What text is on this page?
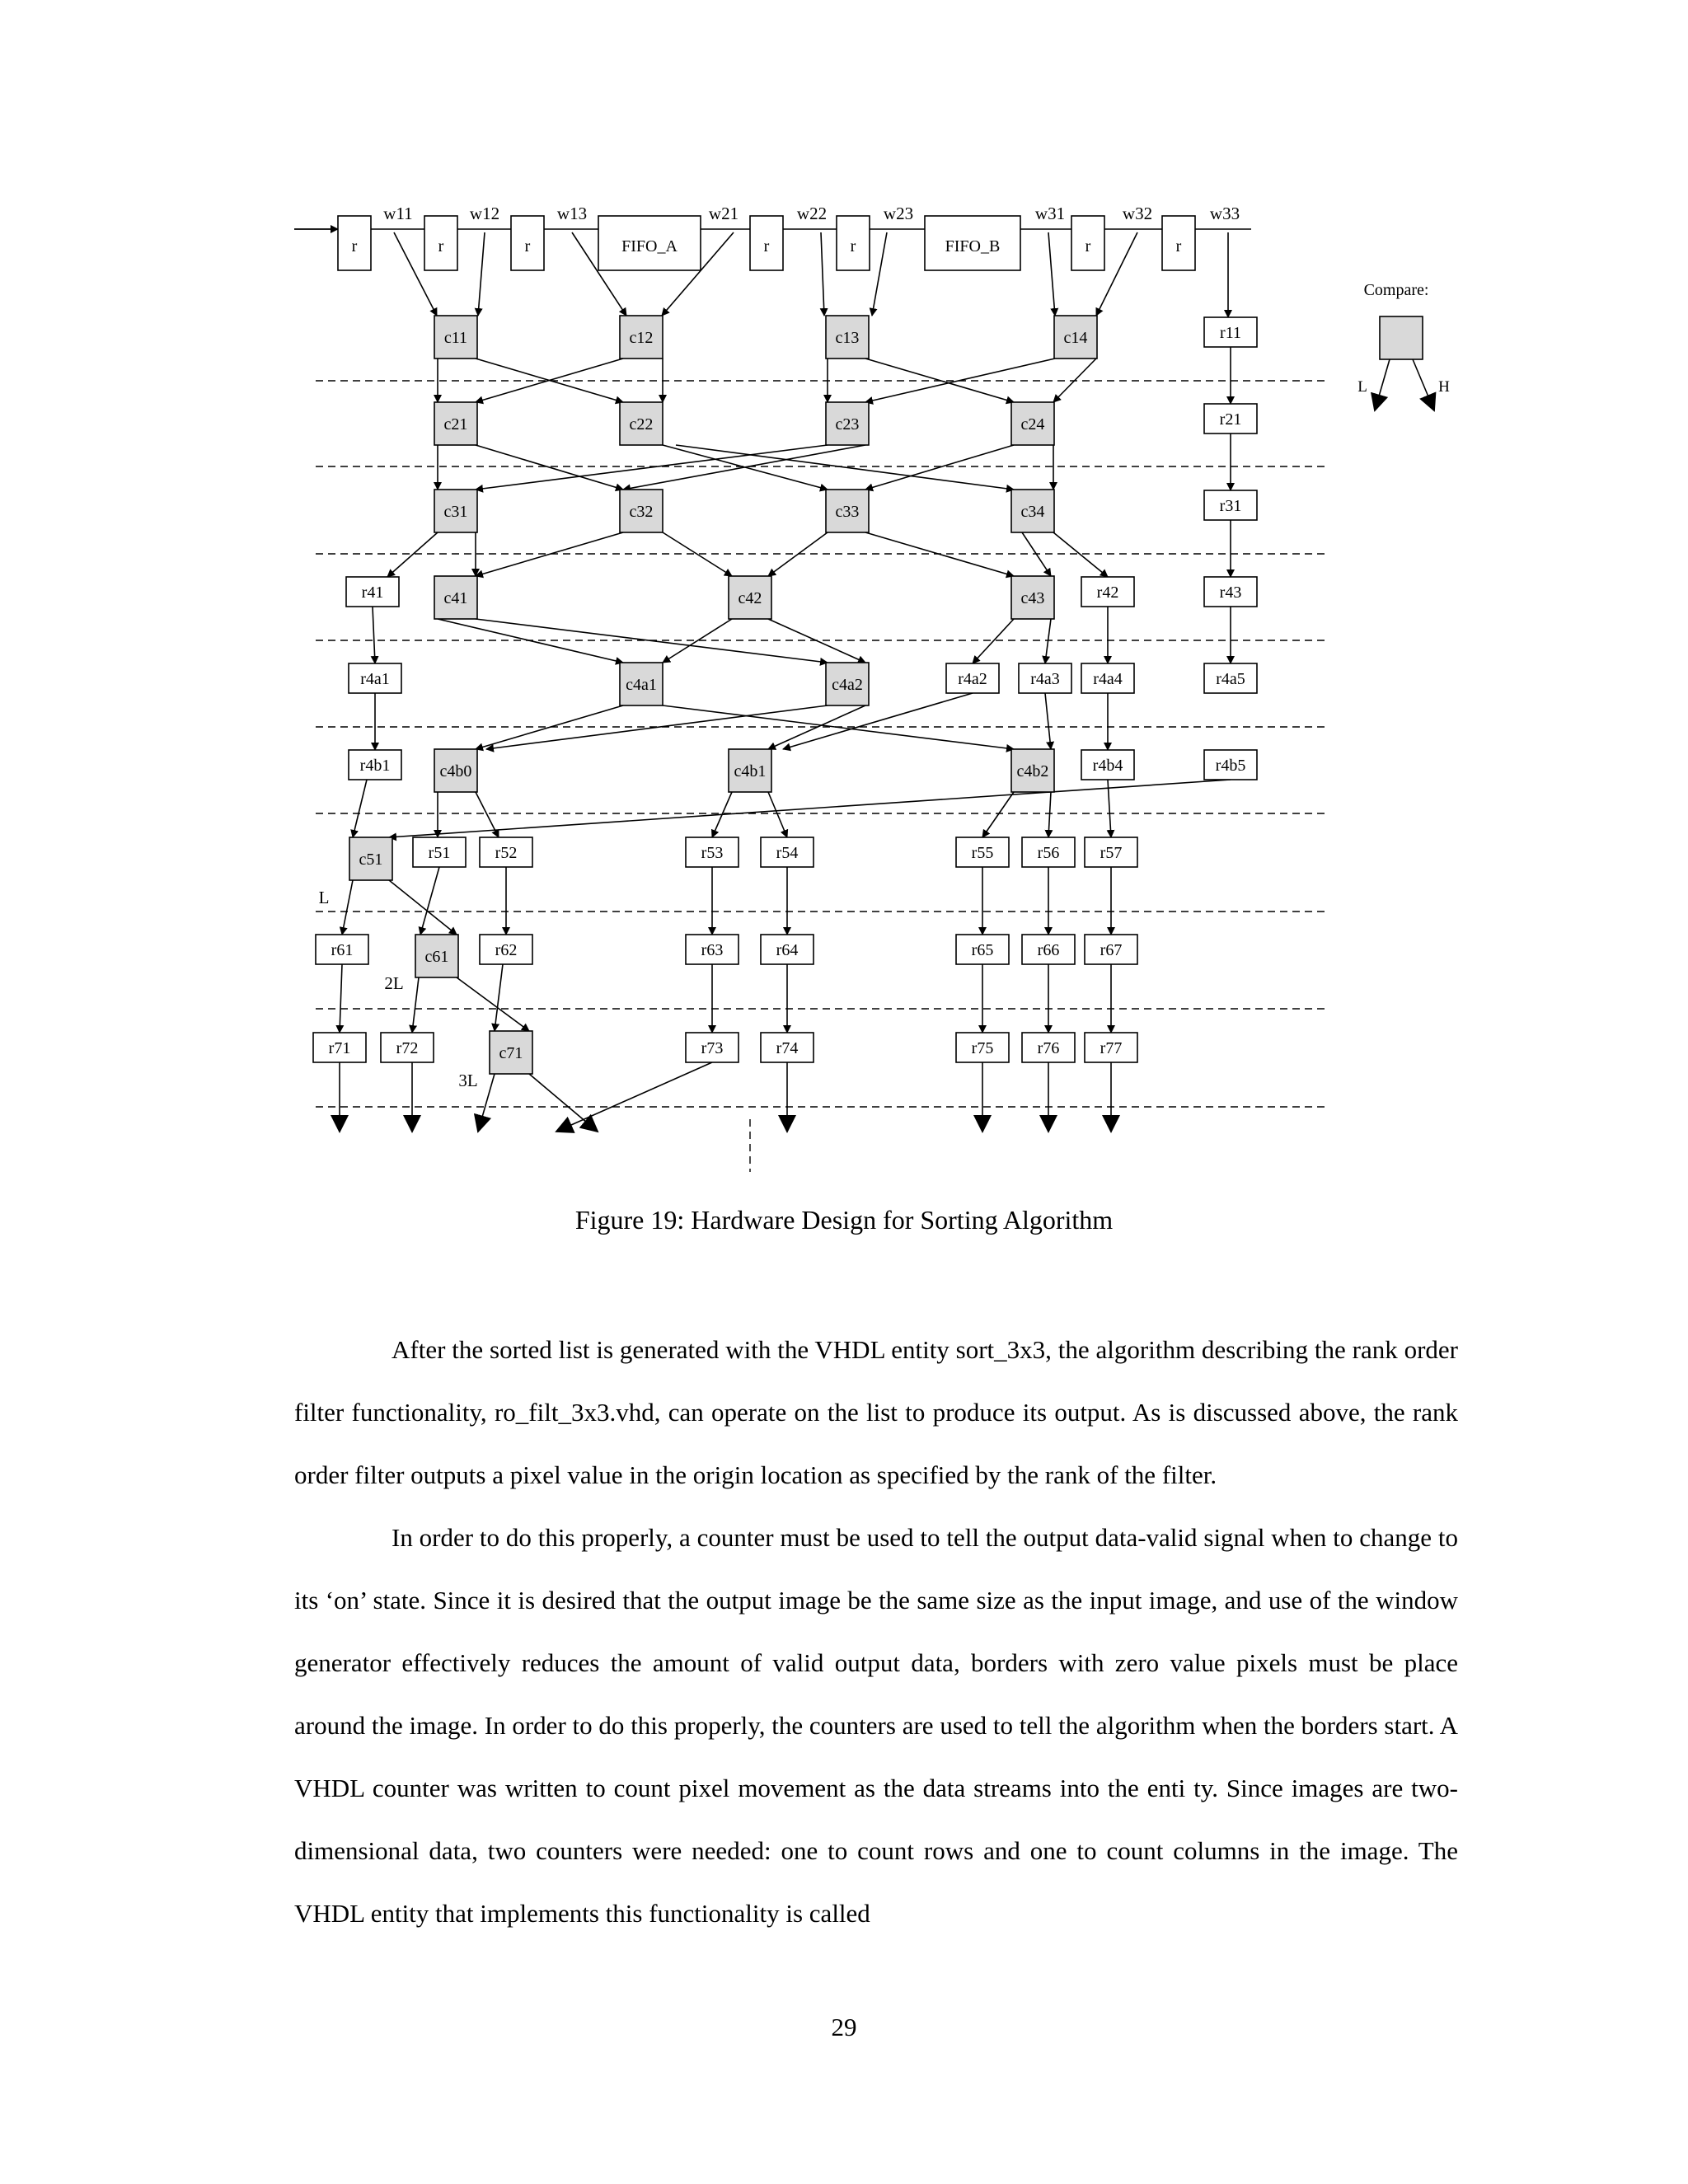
r	r	r	r	r	r	r
FIFO_A	FIFO_B
c11	c12	c13	c14
c21	c22	c23	c24
c31	c32	c33	c34
c41	c42	c43
c4a1	c4a2
c4b0	c4b1	c4b2
c51
c61
c71
r11
r21
r31
r41	r42	r43
r4a1	r4a2	r4a3 r4a4	r4a5
r4b1	r4b4	r4b5
r51	r52	r53	r54	r55	r56 r57
r61	r62	r63	r64	r65	r66 r67
r71	r72	r73	r74	r75	r76 r77
w11	w12	w13	w21	w22	w23	w31	w32	w33
L
2L
3L
Compare:
L	H
Figure 19: Hardware Design for Sorting Algorithm

After the sorted list is generated with the VHDL entity sort_3x3, the algorithm describing the rank order filter functionality, ro_filt_3x3.vhd, can operate on the list to produce its output. As is discussed above, the rank order filter outputs a pixel value in the origin location as specified by the rank of the filter.

In order to do this properly, a counter must be used to tell the output data-valid signal when to change to its ‘on’ state. Since it is desired that the output image be the same size as the input image, and use of the window generator effectively reduces the amount of valid output data, borders with zero value pixels must be place around the image. In order to do this properly, the counters are used to tell the algorithm when the borders start. A VHDL counter was written to count pixel movement as the data streams into the enti ty. Since images are two-dimensional data, two counters were needed: one to count rows and one to count columns in the image. The VHDL entity that implements this functionality is called

29
